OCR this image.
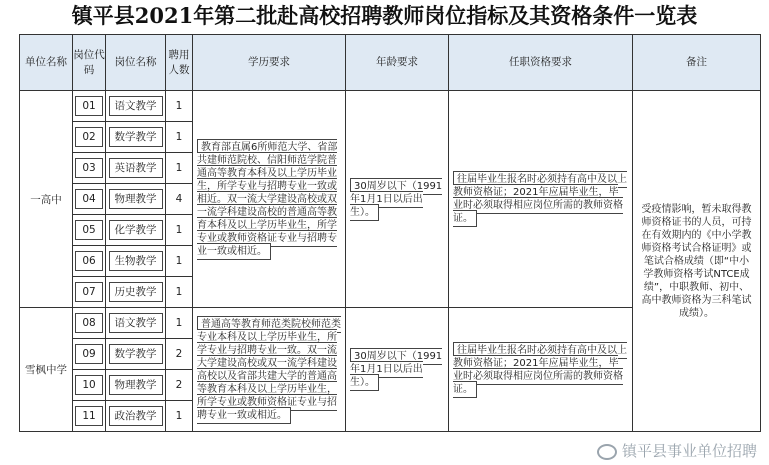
镇平县2021年第二批赴高校招聘教师岗位指标及其资格条件一览表
单位名称	岗位代码	岗位名称	聘用人数	学历要求	年龄要求	任职资格要求	备注
一高中	01	语文教学	1	教育部直属6所师范大学、省部共建师范院校、信阳师范学院普通高等教育本科及以上学历毕业生，所学专业与招聘专业一致或相近。双一流大学建设高校或双一流学科建设高校的普通高等教育本科及以上学历毕业生，所学专业或教师资格证专业与招聘专业一致或相近。	30周岁以下（1991年1月1日以后出生）。	往届毕业生报名时必须持有高中及以上教师资格证；2021年应届毕业生，毕业时必须取得相应岗位所需的教师资格证。	受疫情影响，暂未取得教师资格证书的人员，可持在有效期内的《中小学教师资格考试合格证明》或笔试合格成绩（即“中小学教师资格考试NTCE成绩”，中职教师、初中、高中教师资格为三科笔试成绩）。

	02	数学教学	1				

	03	英语教学	1				

	04	物理教学	4				

	05	化学教学	1				

	06	生物教学	1				

	07	历史教学	1				
雪枫中学	08	语文教学	1	普通高等教育师范类院校师范类专业本科及以上学历毕业生，所学专业与招聘专业一致。双一流大学建设高校或双一流学科建设高校以及省部共建大学的普通高等教育本科及以上学历毕业生，所学专业或教师资格证专业与招聘专业一致或相近。	30周岁以下（1991年1月1日以后出生）。	往届毕业生报名时必须持有高中及以上教师资格证；2021年应届毕业生，毕业时必须取得相应岗位所需的教师资格证。	

	09	数学教学	2				

	10	物理教学	2				

	11	政治教学	1				
镇平县事业单位招聘
